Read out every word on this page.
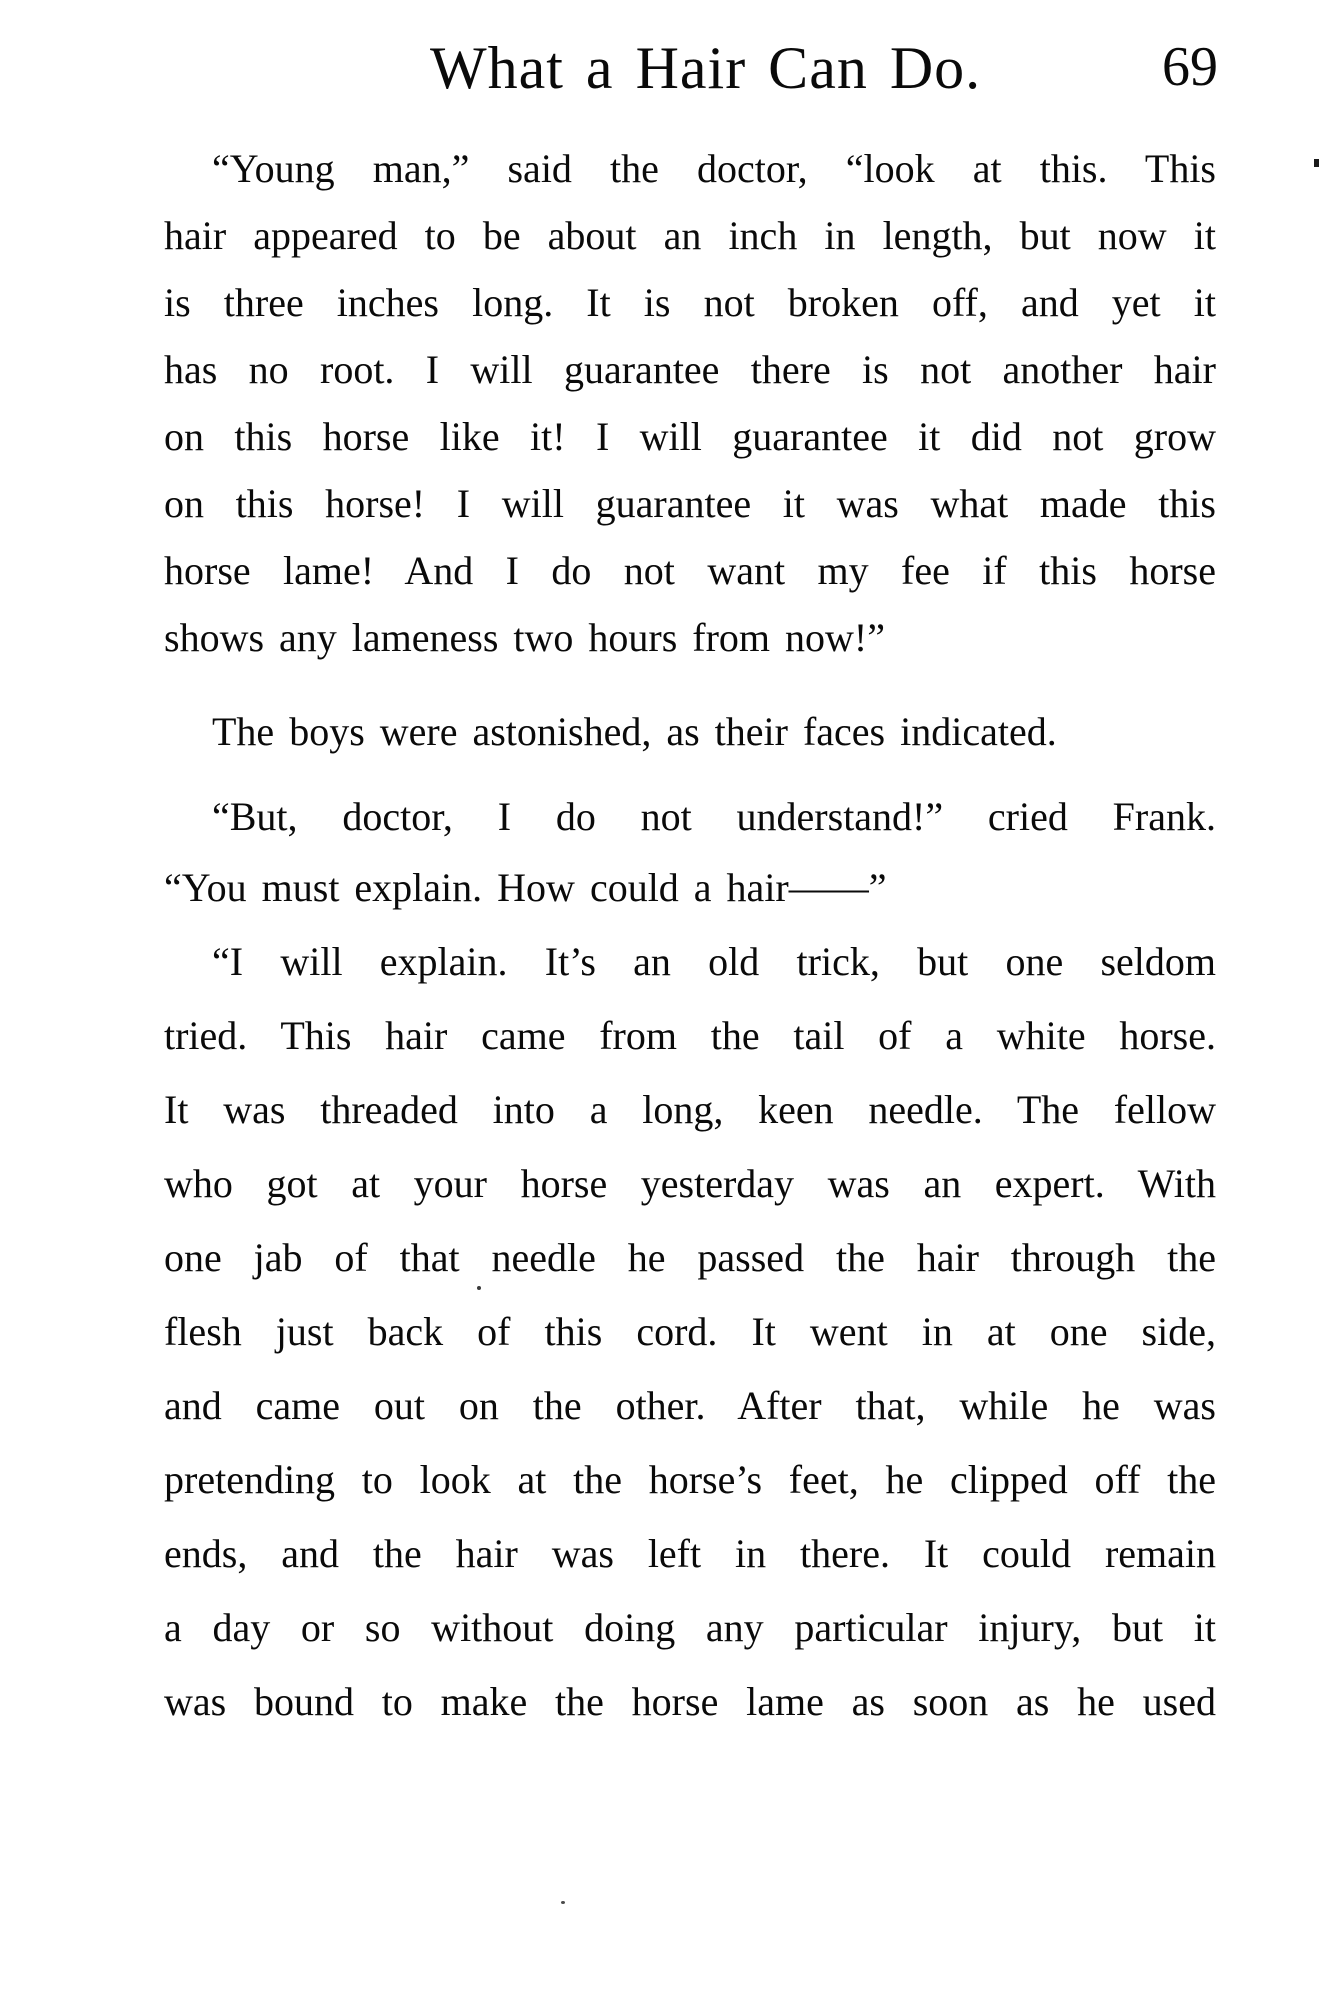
What a Hair Can Do.	69
“Young man,” said the doctor, “look at this. This
hair appeared to be about an inch in length, but now it
is three inches long. It is not broken off, and yet it
has no root. I will guarantee there is not another hair
on this horse like it! I will guarantee it did not grow
on this horse! I will guarantee it was what made this
horse lame! And I do not want my fee if this horse
shows any lameness two hours from now!”
The boys were astonished, as their faces indicated.
“But, doctor, I do not understand!” cried Frank.
“You must explain. How could a hair——”
“I will explain. It’s an old trick, but one seldom
tried. This hair came from the tail of a white horse.
It was threaded into a long, keen needle. The fellow
who got at your horse yesterday was an expert. With
one jab of that needle he passed the hair through the
flesh just back of this cord. It went in at one side,
and came out on the other. After that, while he was
pretending to look at the horse’s feet, he clipped off the
ends, and the hair was left in there. It could remain
a day or so without doing any particular injury, but it
was bound to make the horse lame as soon as he used
